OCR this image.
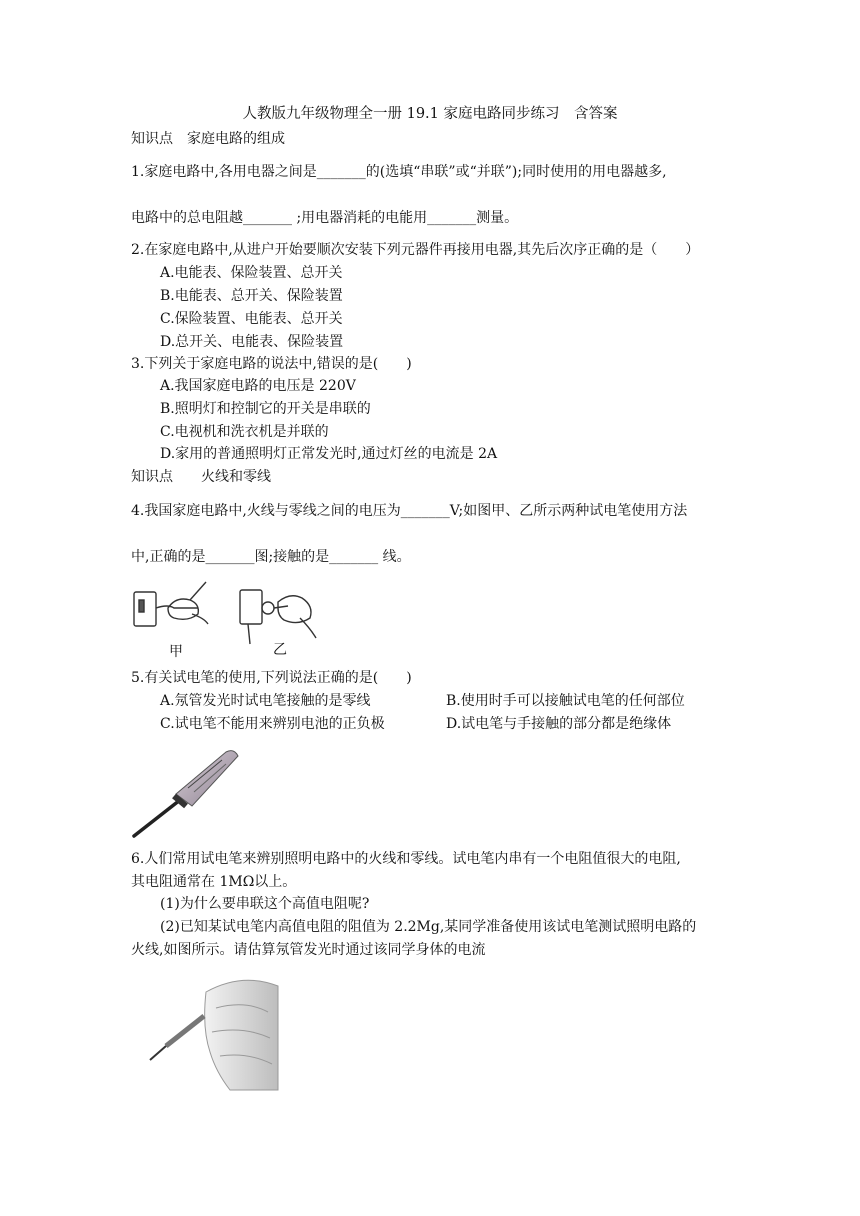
人教版九年级物理全一册 19.1 家庭电路同步练习　含答案
知识点　家庭电路的组成
1.家庭电路中,各用电器之间是_______的(选填“串联”或“并联”);同时使用的用电器越多,
电路中的总电阻越_______ ;用电器消耗的电能用_______测量。
2.在家庭电路中,从进户开始要顺次安装下列元器件再接用电器,其先后次序正确的是（　　）
A.电能表、保险装置、总开关
B.电能表、总开关、保险装置
C.保险装置、电能表、总开关
D.总开关、电能表、保险装置
3.下列关于家庭电路的说法中,错误的是(　　)
A.我国家庭电路的电压是 220V
B.照明灯和控制它的开关是串联的
C.电视机和洗衣机是并联的
D.家用的普通照明灯正常发光时,通过灯丝的电流是 2A
知识点　　火线和零线
4.我国家庭电路中,火线与零线之间的电压为_______V;如图甲、乙所示两种试电笔使用方法
中,正确的是_______图;接触的是_______ 线。
甲	乙
5.有关试电笔的使用,下列说法正确的是(　　)
A.氖管发光时试电笔接触的是零线	B.使用时手可以接触试电笔的任何部位
C.试电笔不能用来辨别电池的正负极	D.试电笔与手接触的部分都是绝缘体
6.人们常用试电笔来辨别照明电路中的火线和零线。试电笔内串有一个电阻值很大的电阻,
其电阻通常在 1MΩ以上。
(1)为什么要串联这个高值电阻呢?
(2)已知某试电笔内高值电阻的阻值为 2.2Mg,某同学准备使用该试电笔测试照明电路的
火线,如图所示。请估算氖管发光时通过该同学身体的电流
